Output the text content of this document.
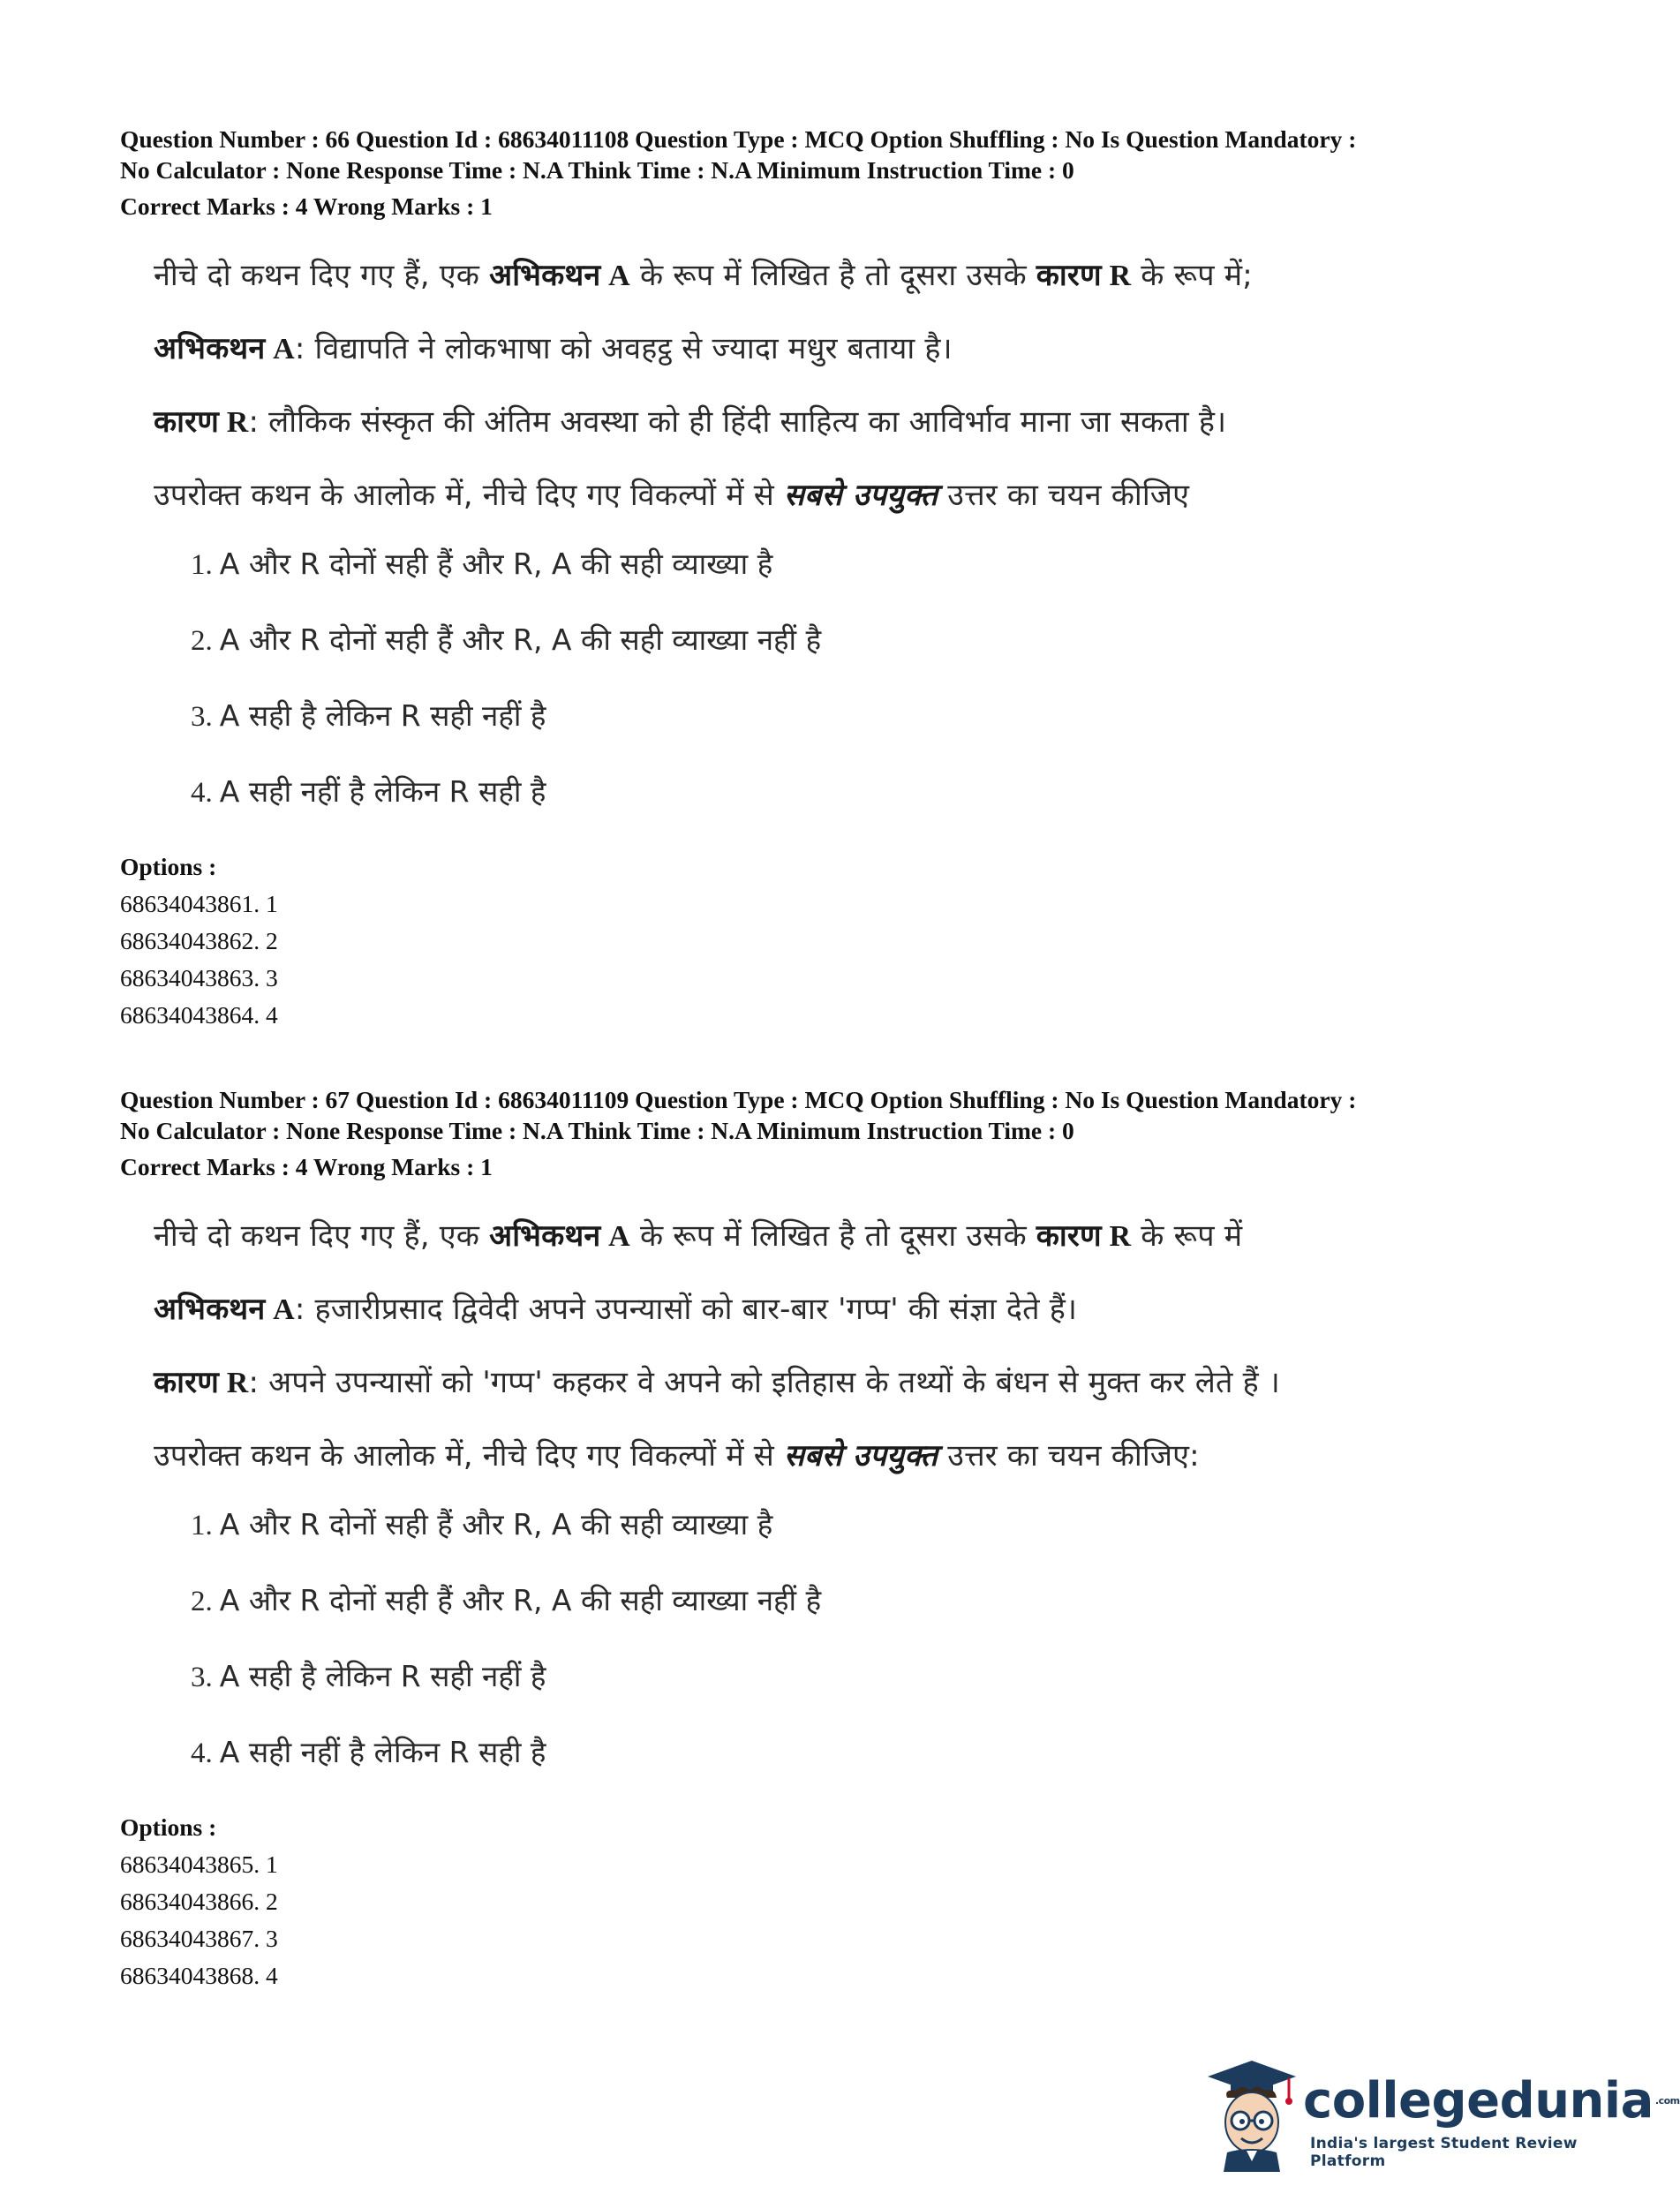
Question Number : 66 Question Id : 68634011108 Question Type : MCQ Option Shuffling : No Is Question Mandatory :

No Calculator : None Response Time : N.A Think Time : N.A Minimum Instruction Time : 0

Correct Marks : 4 Wrong Marks : 1

नीचे दो कथन दिए गए हैं, एक अभिकथन A के रूप में लिखित है तो दूसरा उसके कारण R के रूप में;

अभिकथन A: विद्यापति ने लोकभाषा को अवहट्ठ से ज्यादा मधुर बताया है।

कारण R: लौकिक संस्कृत की अंतिम अवस्था को ही हिंदी साहित्य का आविर्भाव माना जा सकता है।

उपरोक्त कथन के आलोक में, नीचे दिए गए विकल्पों में से सबसे उपयुक्त उत्तर का चयन कीजिए

1. A और R दोनों सही हैं और R, A की सही व्याख्या है
2. A और R दोनों सही हैं और R, A की सही व्याख्या नहीं है
3. A सही है लेकिन R सही नहीं है
4. A सही नहीं है लेकिन R सही है
Options :
68634043861. 1
68634043862. 2
68634043863. 3
68634043864. 4

Question Number : 67 Question Id : 68634011109 Question Type : MCQ Option Shuffling : No Is Question Mandatory :

No Calculator : None Response Time : N.A Think Time : N.A Minimum Instruction Time : 0

Correct Marks : 4 Wrong Marks : 1

नीचे दो कथन दिए गए हैं, एक अभिकथन A के रूप में लिखित है तो दूसरा उसके कारण R के रूप में

अभिकथन A: हजारीप्रसाद द्विवेदी अपने उपन्यासों को बार-बार 'गप्प' की संज्ञा देते हैं।

कारण R: अपने उपन्यासों को 'गप्प' कहकर वे अपने को इतिहास के तथ्यों के बंधन से मुक्त कर लेते हैं ।

उपरोक्त कथन के आलोक में, नीचे दिए गए विकल्पों में से सबसे उपयुक्त उत्तर का चयन कीजिए:

1. A और R दोनों सही हैं और R, A की सही व्याख्या है
2. A और R दोनों सही हैं और R, A की सही व्याख्या नहीं है
3. A सही है लेकिन R सही नहीं है
4. A सही नहीं है लेकिन R सही है
Options :
68634043865. 1
68634043866. 2
68634043867. 3
68634043868. 4
collegedunia $^{.com}$
India's largest Student Review Platform
